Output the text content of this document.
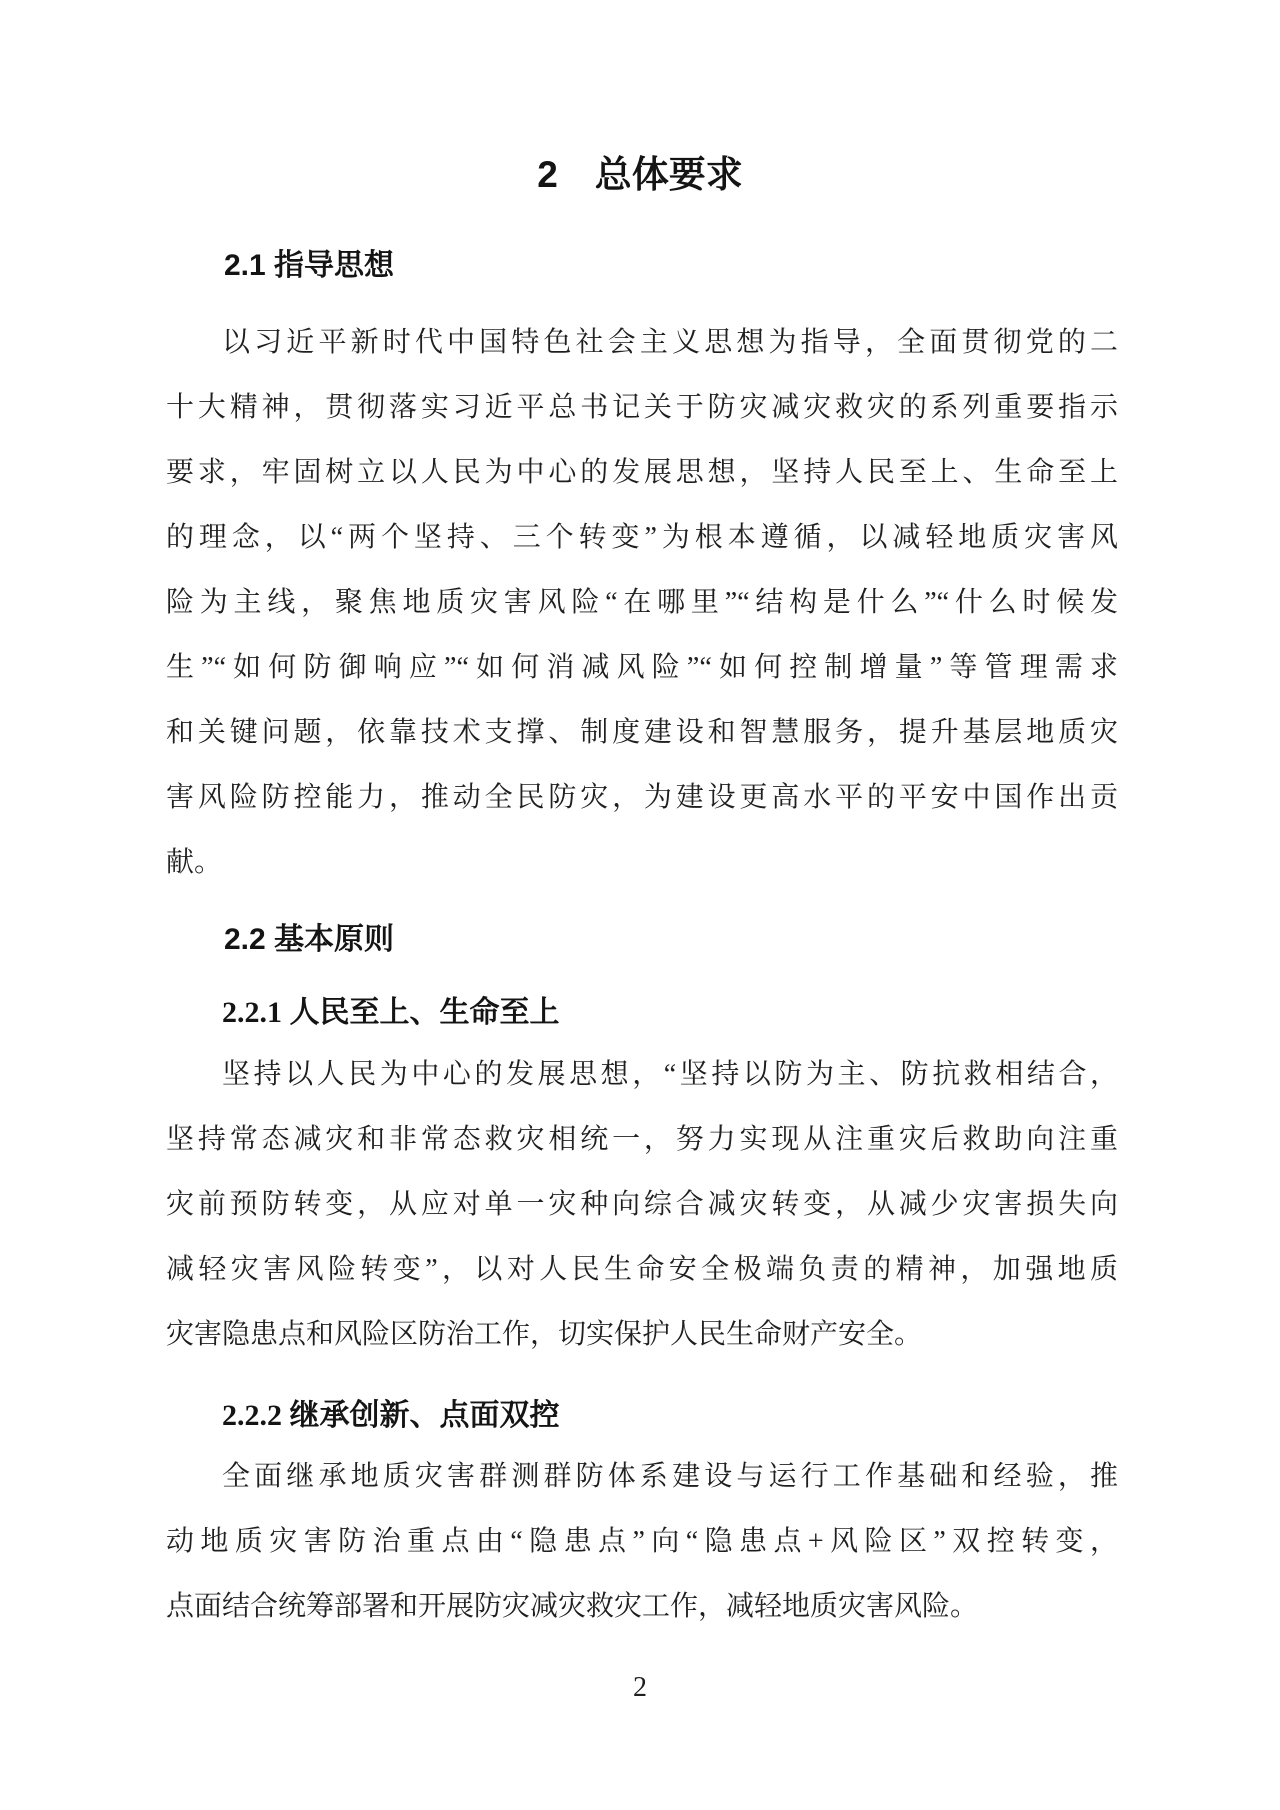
2　总体要求
2.1 指导思想
以习近平新时代中国特色社会主义思想为指导，全面贯彻党的二
十大精神，贯彻落实习近平总书记关于防灾减灾救灾的系列重要指示
要求，牢固树立以人民为中心的发展思想，坚持人民至上、生命至上
的理念，以“两个坚持、三个转变”为根本遵循，以减轻地质灾害风
险为主线，聚焦地质灾害风险“在哪里”“结构是什么”“什么时候发
生”“如何防御响应”“如何消减风险”“如何控制增量”等管理需求
和关键问题，依靠技术支撑、制度建设和智慧服务，提升基层地质灾
害风险防控能力，推动全民防灾，为建设更高水平的平安中国作出贡
献。
2.2 基本原则
2.2.1 人民至上、生命至上
坚持以人民为中心的发展思想，“坚持以防为主、防抗救相结合，
坚持常态减灾和非常态救灾相统一，努力实现从注重灾后救助向注重
灾前预防转变，从应对单一灾种向综合减灾转变，从减少灾害损失向
减轻灾害风险转变”，以对人民生命安全极端负责的精神，加强地质
灾害隐患点和风险区防治工作，切实保护人民生命财产安全。
2.2.2 继承创新、点面双控
全面继承地质灾害群测群防体系建设与运行工作基础和经验，推
动地质灾害防治重点由“隐患点”向“隐患点+风险区”双控转变，
点面结合统筹部署和开展防灾减灾救灾工作，减轻地质灾害风险。
2
